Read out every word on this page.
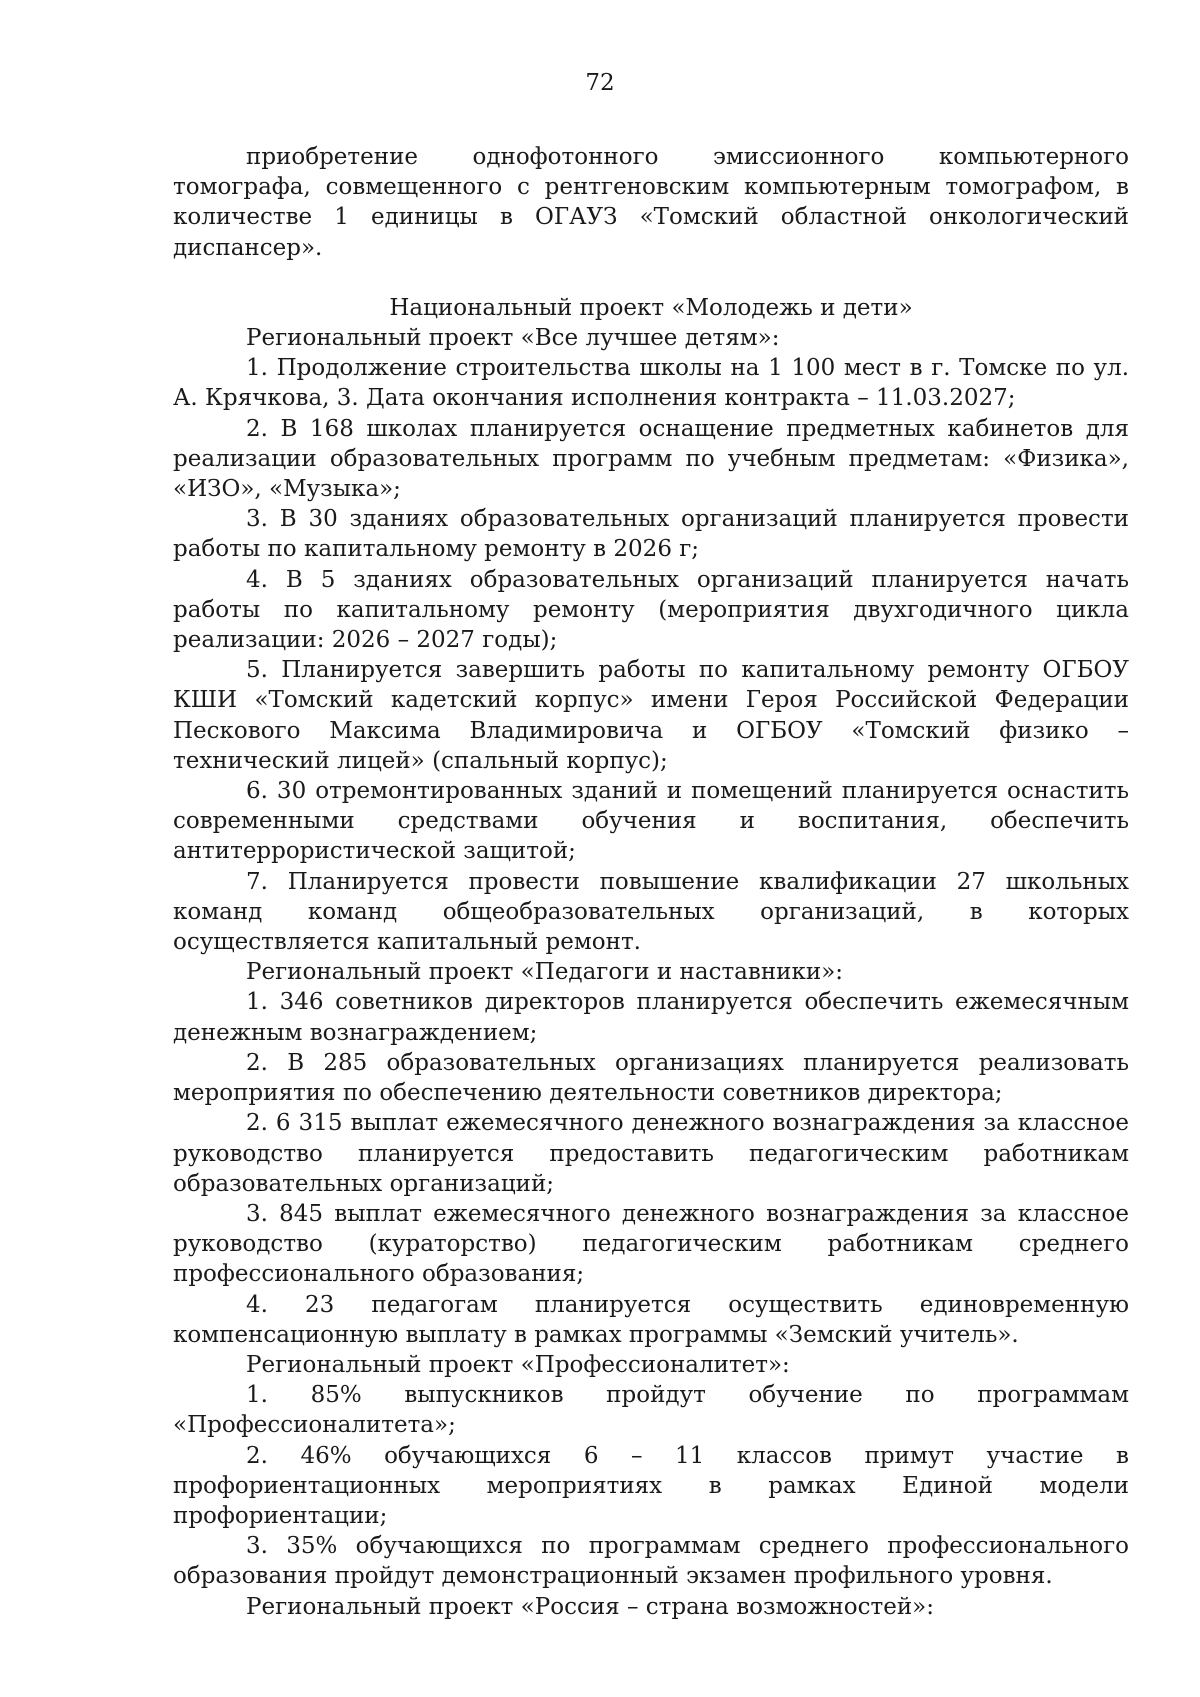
72

приобретение однофотонного эмиссионного компьютерного томографа, совмещенного с рентгеновским компьютерным томографом, в количестве 1 единицы в ОГАУЗ «Томский областной онкологический диспансер».

Национальный проект «Молодежь и дети»

Региональный проект «Все лучшее детям»:

1. Продолжение строительства школы на 1 100 мест в г. Томске по ул. А. Крячкова, 3. Дата окончания исполнения контракта – 11.03.2027;

2. В 168 школах планируется оснащение предметных кабинетов для реализации образовательных программ по учебным предметам: «Физика», «ИЗО», «Музыка»;

3. В 30 зданиях образовательных организаций планируется провести работы по капитальному ремонту в 2026 г;

4. В 5 зданиях образовательных организаций планируется начать работы по капитальному ремонту (мероприятия двухгодичного цикла реализации: 2026 – 2027 годы);

5. Планируется завершить работы по капитальному ремонту ОГБОУ КШИ «Томский кадетский корпус» имени Героя Российской Федерации Пескового Максима Владимировича и ОГБОУ «Томский физико – технический лицей» (спальный корпус);

6. 30 отремонтированных зданий и помещений планируется оснастить современными средствами обучения и воспитания, обеспечить антитеррористической защитой;

7. Планируется провести повышение квалификации 27 школьных команд команд общеобразовательных организаций, в которых осуществляется капитальный ремонт.

Региональный проект «Педагоги и наставники»:

1. 346 советников директоров планируется обеспечить ежемесячным денежным вознаграждением;

2. В 285 образовательных организациях планируется реализовать мероприятия по обеспечению деятельности советников директора;

2. 6 315 выплат ежемесячного денежного вознаграждения за классное руководство планируется предоставить педагогическим работникам образовательных организаций;

3. 845 выплат ежемесячного денежного вознаграждения за классное руководство (кураторство) педагогическим работникам среднего профессионального образования;

4. 23 педагогам планируется осуществить единовременную компенсационную выплату в рамках программы «Земский учитель».

Региональный проект «Профессионалитет»:

1. 85% выпускников пройдут обучение по программам «Профессионалитета»;

2. 46% обучающихся 6 – 11 классов примут участие в профориентационных мероприятиях в рамках Единой модели профориентации;

3. 35% обучающихся по программам среднего профессионального образования пройдут демонстрационный экзамен профильного уровня.

Региональный проект «Россия – страна возможностей»:
